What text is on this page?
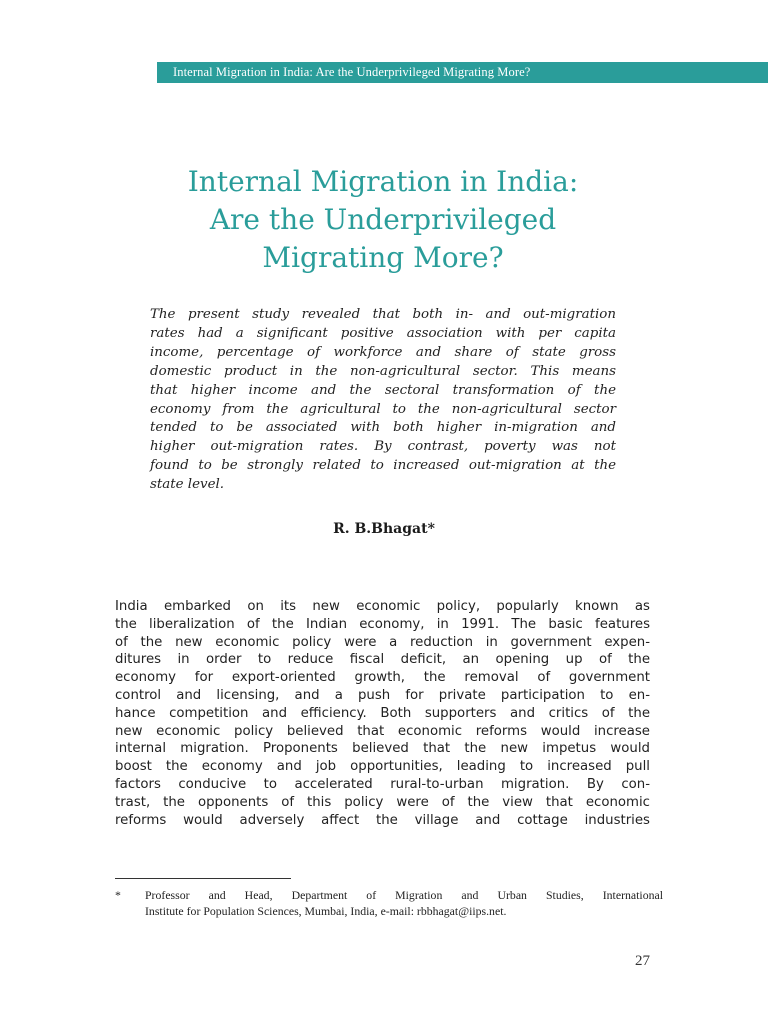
Internal Migration in India: Are the Underprivileged Migrating More?
Internal Migration in India:
Are the Underprivileged
Migrating More?
The present study revealed that both in- and out-migration
rates had a significant positive association with per capita
income, percentage of workforce and share of state gross
domestic product in the non-agricultural sector. This means
that higher income and the sectoral transformation of the
economy from the agricultural to the non-agricultural sector
tended to be associated with both higher in-migration and
higher out-migration rates. By contrast, poverty was not
found to be strongly related to increased out-migration at the
state level.
R. B.Bhagat*
India embarked on its new economic policy, popularly known as
the liberalization of the Indian economy, in 1991. The basic features
of the new economic policy were a reduction in government expen-
ditures in order to reduce fiscal deficit, an opening up of the
economy for export-oriented growth, the removal of government
control and licensing, and a push for private participation to en-
hance competition and efficiency. Both supporters and critics of the
new economic policy believed that economic reforms would increase
internal migration. Proponents believed that the new impetus would
boost the economy and job opportunities, leading to increased pull
factors conducive to accelerated rural-to-urban migration. By con-
trast, the opponents of this policy were of the view that economic
reforms would adversely affect the village and cottage industries
* Professor and Head, Department of Migration and Urban Studies, International
Institute for Population Sciences, Mumbai, India, e-mail: rbbhagat@iips.net.
27
